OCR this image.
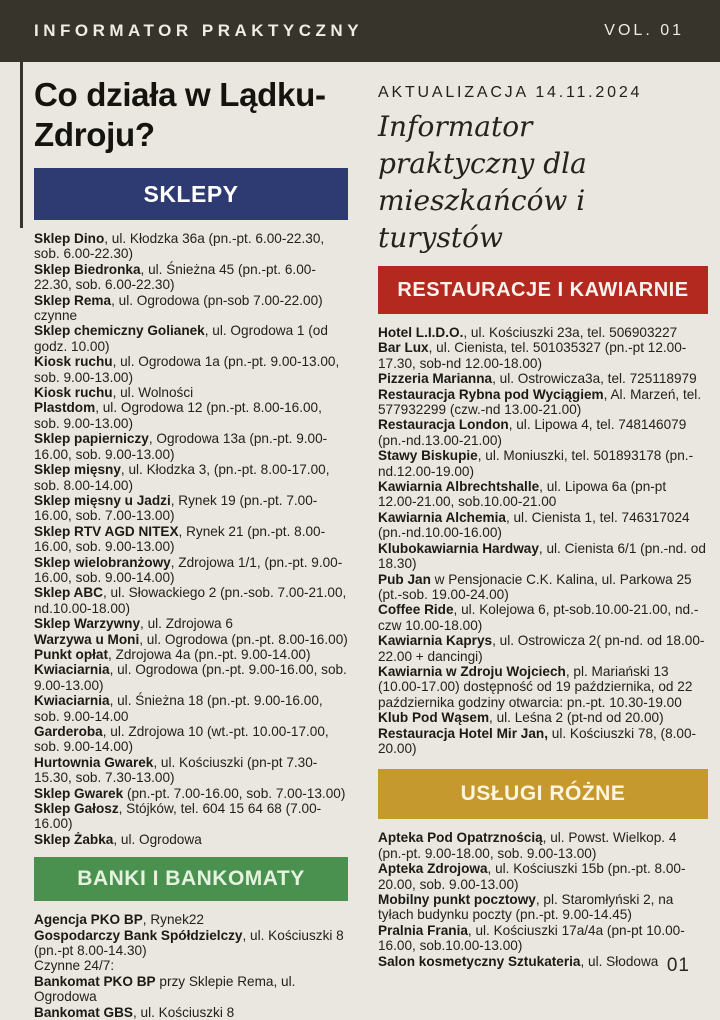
INFORMATOR PRAKTYCZNY	VOL. 01
Co działa w Lądku-Zdroju?
SKLEPY

Sklep Dino, ul. Kłodzka 36a (pn.-pt. 6.00-22.30, sob. 6.00-22.30)

Sklep Biedronka, ul. Śnieżna 45 (pn.-pt. 6.00-22.30, sob. 6.00-22.30)

Sklep Rema, ul. Ogrodowa (pn-sob 7.00-22.00) czynne

Sklep chemiczny Golianek, ul. Ogrodowa 1 (od godz. 10.00)

Kiosk ruchu, ul. Ogrodowa 1a (pn.-pt. 9.00-13.00, sob. 9.00-13.00)

Kiosk ruchu, ul. Wolności

Plastdom, ul. Ogrodowa 12 (pn.-pt. 8.00-16.00, sob. 9.00-13.00)

Sklep papierniczy, Ogrodowa 13a (pn.-pt. 9.00-16.00, sob. 9.00-13.00)

Sklep mięsny, ul. Kłodzka 3, (pn.-pt. 8.00-17.00, sob. 8.00-14.00)

Sklep mięsny u Jadzi, Rynek 19 (pn.-pt. 7.00-16.00, sob. 7.00-13.00)

Sklep RTV AGD NITEX, Rynek 21 (pn.-pt. 8.00-16.00, sob. 9.00-13.00)

Sklep wielobranżowy, Zdrojowa 1/1, (pn.-pt. 9.00-16.00, sob. 9.00-14.00)

Sklep ABC, ul. Słowackiego 2 (pn.-sob. 7.00-21.00, nd.10.00-18.00)

Sklep Warzywny, ul. Zdrojowa 6

Warzywa u Moni, ul. Ogrodowa (pn.-pt. 8.00-16.00)

Punkt opłat, Zdrojowa 4a (pn.-pt. 9.00-14.00)

Kwiaciarnia, ul. Ogrodowa (pn.-pt. 9.00-16.00, sob. 9.00-13.00)

Kwiaciarnia, ul. Śnieżna 18 (pn.-pt. 9.00-16.00, sob. 9.00-14.00

Garderoba, ul. Zdrojowa 10 (wt.-pt. 10.00-17.00, sob. 9.00-14.00)

Hurtownia Gwarek, ul. Kościuszki (pn-pt 7.30-15.30, sob. 7.30-13.00)

Sklep Gwarek (pn.-pt. 7.00-16.00, sob. 7.00-13.00)

Sklep Gałosz, Stójków, tel. 604 15 64 68 (7.00-16.00)

Sklep Żabka, ul. Ogrodowa

BANKI I BANKOMATY

Agencja PKO BP, Rynek22

Gospodarczy Bank Spółdzielczy, ul. Kościuszki 8 (pn.-pt 8.00-14.30)

Czynne 24/7:

Bankomat PKO BP przy Sklepie Rema, ul. Ogrodowa

Bankomat GBS, ul. Kościuszki 8

AKTUALIZACJA 14.11.2024
Informator praktyczny dla mieszkańców i turystów
RESTAURACJE I KAWIARNIE

Hotel L.I.D.O., ul. Kościuszki 23a, tel. 506903227

Bar Lux, ul. Cienista, tel. 501035327 (pn.-pt 12.00-17.30, sob-nd 12.00-18.00)

Pizzeria Marianna, ul. Ostrowicza3a, tel. 725118979

Restauracja Rybna pod Wyciągiem, Al. Marzeń, tel. 577932299 (czw.-nd 13.00-21.00)

Restauracja London, ul. Lipowa 4, tel. 748146079 (pn.-nd.13.00-21.00)

Stawy Biskupie, ul. Moniuszki, tel. 501893178 (pn.-nd.12.00-19.00)

Kawiarnia Albrechtshalle, ul. Lipowa 6a (pn-pt 12.00-21.00, sob.10.00-21.00

Kawiarnia Alchemia, ul. Cienista 1, tel. 746317024 (pn.-nd.10.00-16.00)

Klubokawiarnia Hardway, ul. Cienista 6/1 (pn.-nd. od 18.30)

Pub Jan w Pensjonacie C.K. Kalina, ul. Parkowa 25 (pt.-sob. 19.00-24.00)

Coffee Ride, ul. Kolejowa 6, pt-sob.10.00-21.00, nd.-czw 10.00-18.00)

Kawiarnia Kaprys, ul. Ostrowicza 2( pn-nd. od 18.00-22.00 + dancingi)

Kawiarnia w Zdroju Wojciech, pl. Mariański 13 (10.00-17.00) dostępność od 19 października, od 22 października godziny otwarcia: pn.-pt. 10.30-19.00

Klub Pod Wąsem, ul. Leśna 2 (pt-nd od 20.00)

Restauracja Hotel Mir Jan, ul. Kościuszki 78, (8.00-20.00)

USŁUGI RÓŻNE

Apteka Pod Opatrznością, ul. Powst. Wielkop. 4 (pn.-pt. 9.00-18.00, sob. 9.00-13.00)

Apteka Zdrojowa, ul. Kościuszki 15b (pn.-pt. 8.00-20.00, sob. 9.00-13.00)

Mobilny punkt pocztowy, pl. Staromłyński 2, na tyłach budynku poczty (pn.-pt. 9.00-14.45)

Pralnia Frania, ul. Kościuszki 17a/4a (pn-pt 10.00-16.00, sob.10.00-13.00)

Salon kosmetyczny Sztukateria, ul. Słodowa 01
